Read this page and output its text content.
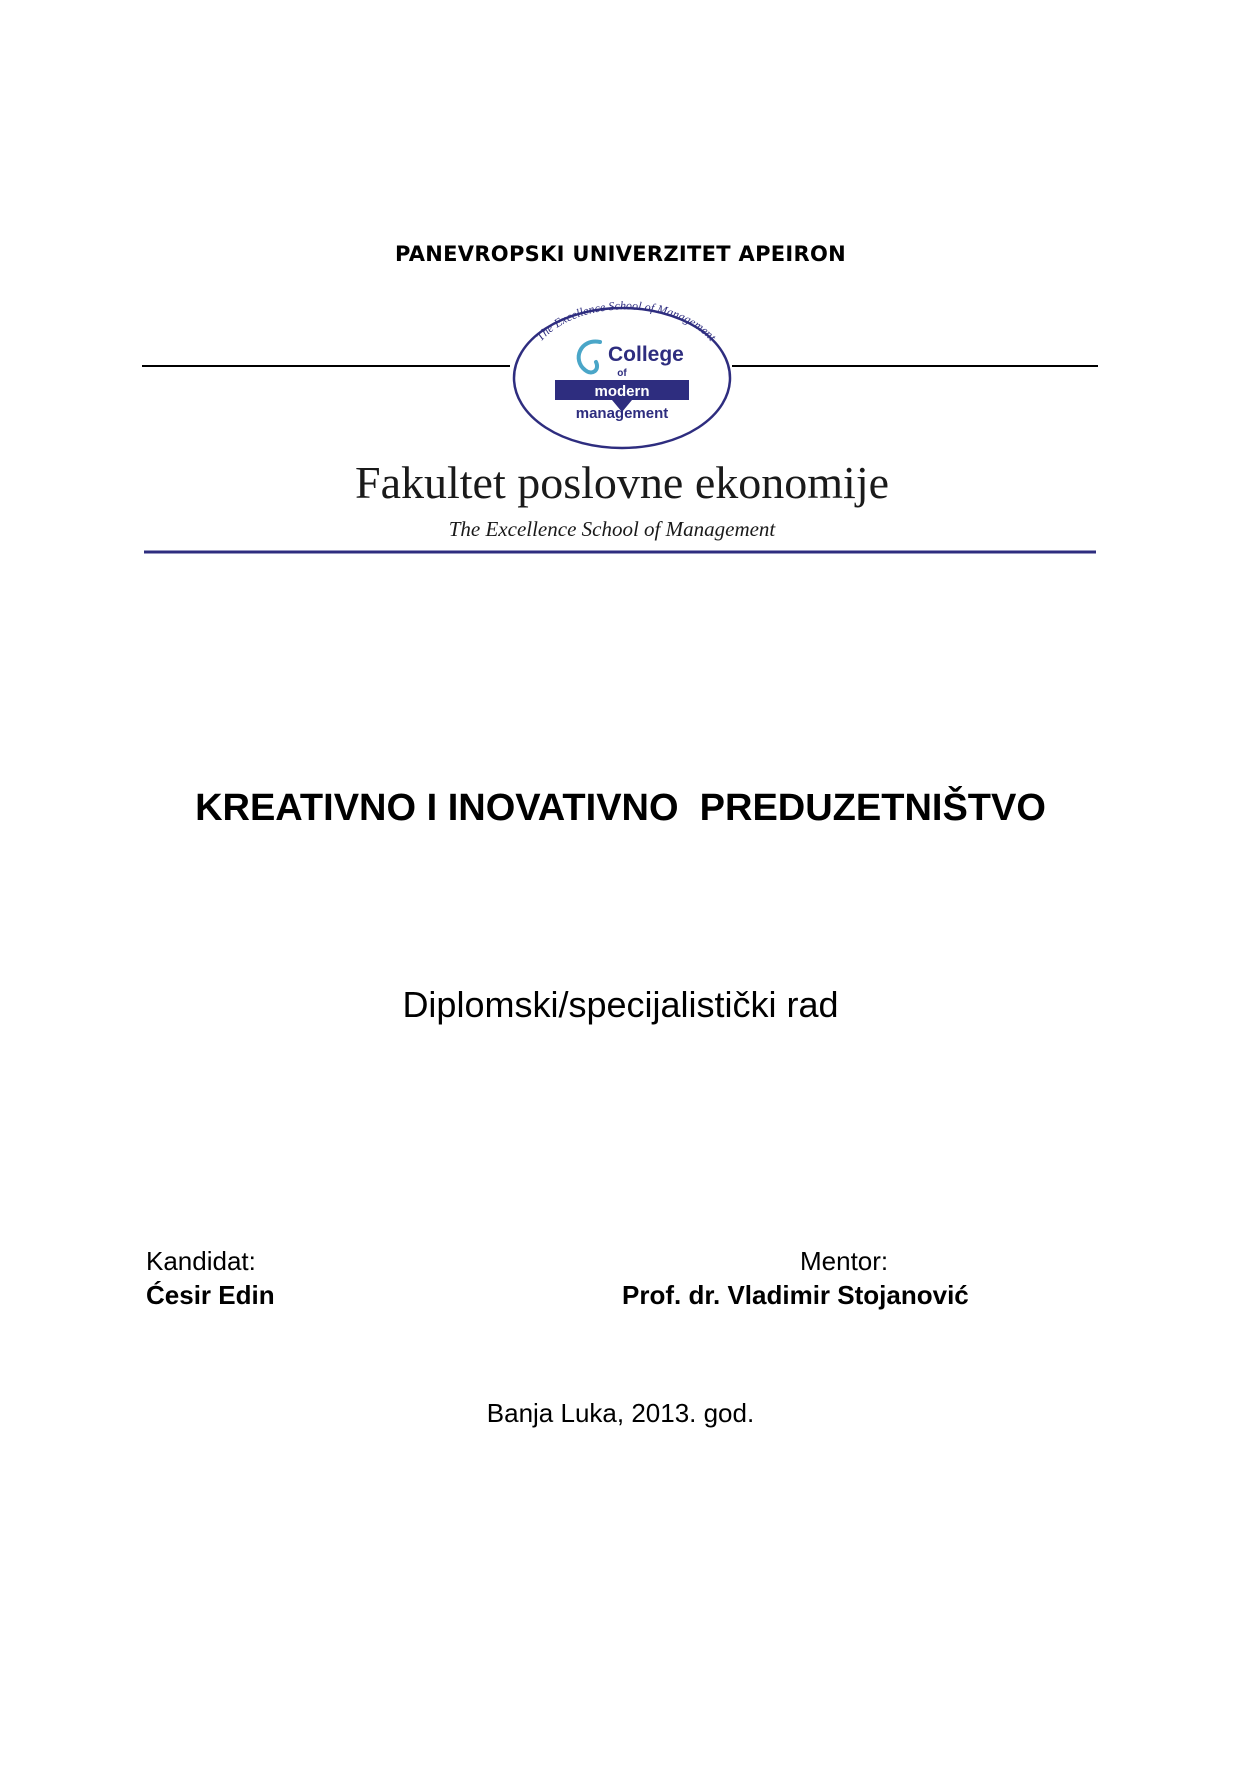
PANEVROPSKI UNIVERZITET APEIRON
The Excellence School of Management
College
of
modern
management
Fakultet poslovne ekonomije
The Excellence School of Management
KREATIVNO I INOVATIVNO  PREDUZETNIŠTVO
Diplomski/specijalistički rad
Kandidat:
Ćesir Edin
Mentor:
Prof. dr. Vladimir Stojanović
Banja Luka, 2013. god.
